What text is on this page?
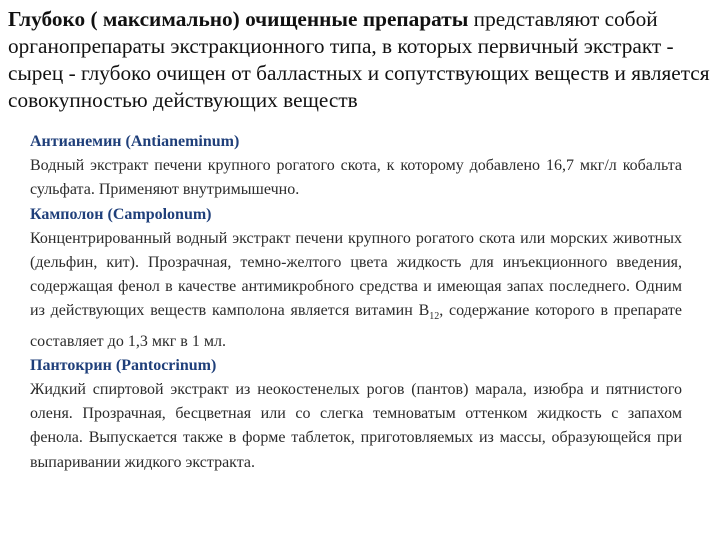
Глубоко ( максимально) очищенные препараты представляют собой органопрепараты экстракционного типа, в которых первичный экстракт - сырец - глубоко очищен от балластных и сопутствующих веществ и является совокупностью действующих веществ

Антианемин (Antianeminum)

Водный экстракт печени крупного рогатого скота, к которому добавлено 16,7 мкг/л кобальта сульфата. Применяют внутримышечно.

Камполон (Campolonum)

Концентрированный водный экстракт печени крупного рогатого скота или морских животных (дельфин, кит). Прозрачная, темно-желтого цвета жидкость для инъекционного введения, содержащая фенол в качестве антимикробного средства и имеющая запах последнего. Одним из действующих веществ камполона является витамин $B_{12}$, содержание которого в препарате составляет до 1,3 мкг в 1 мл.

Пантокрин (Pantocrinum)

Жидкий спиртовой экстракт из неокостенелых рогов (пантов) марала, изюбра и пятнистого оленя. Прозрачная, бесцветная или со слегка темноватым оттенком жидкость с запахом фенола. Выпускается также в форме таблеток, приготовляемых из массы, образующейся при выпаривании жидкого экстракта.
